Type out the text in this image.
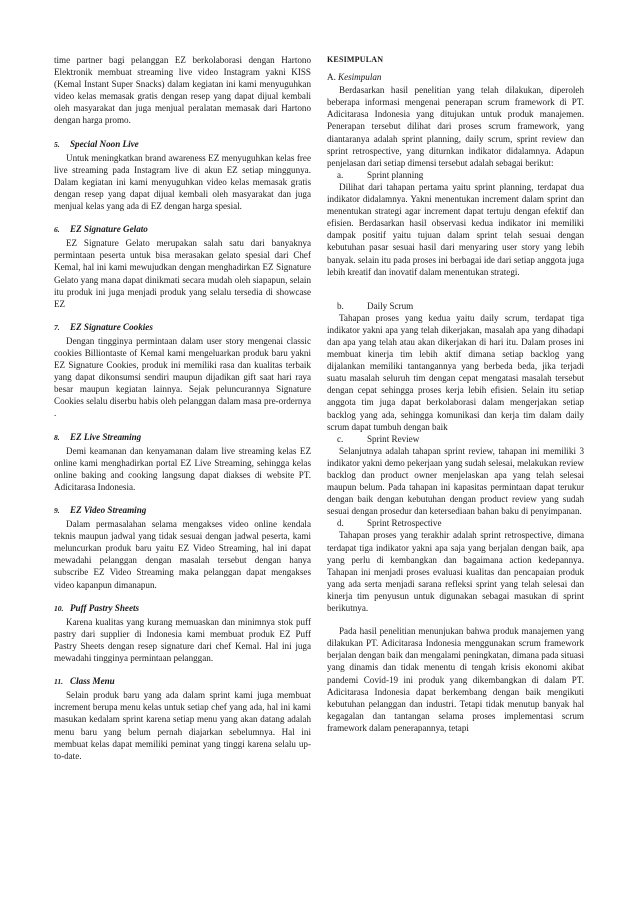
time partner bagi pelanggan EZ berkolaborasi dengan Hartono Elektronik membuat streaming live video Instagram yakni KISS (Kemal Instant Super Snacks) dalam kegiatan ini kami menyuguhkan video kelas memasak gratis dengan resep yang dapat dijual kembali oleh masyarakat dan juga menjual peralatan memasak dari Hartono dengan harga promo.

5. Special Noon Live

Untuk meningkatkan brand awareness EZ menyuguhkan kelas free live streaming pada Instagram live di akun EZ setiap minggunya. Dalam kegiatan ini kami menyuguhkan video kelas memasak gratis dengan resep yang dapat dijual kembali oleh masyarakat dan juga menjual kelas yang ada di EZ dengan harga spesial.

6. EZ Signature Gelato

EZ Signature Gelato merupakan salah satu dari banyaknya permintaan peserta untuk bisa merasakan gelato spesial dari Chef Kemal, hal ini kami mewujudkan dengan menghadirkan EZ Signature Gelato yang mana dapat dinikmati secara mudah oleh siapapun, selain itu produk ini juga menjadi produk yang selalu tersedia di showcase EZ

7. EZ Signature Cookies

Dengan tingginya permintaan dalam user story mengenai classic cookies Billiontaste of Kemal kami mengeluarkan produk baru yakni EZ Signature Cookies, produk ini memiliki rasa dan kualitas terbaik yang dapat dikonsumsi sendiri maupun dijadikan gift saat hari raya besar maupun kegiatan lainnya. Sejak peluncurannya Signature Cookies selalu diserbu habis oleh pelanggan dalam masa pre-ordernya .

8. EZ Live Streaming

Demi keamanan dan kenyamanan dalam live streaming kelas EZ online kami menghadirkan portal EZ Live Streaming, sehingga kelas online baking and cooking langsung dapat diakses di website PT. Adicitarasa Indonesia.

9. EZ Video Streaming

Dalam permasalahan selama mengakses video online kendala teknis maupun jadwal yang tidak sesuai dengan jadwal peserta, kami meluncurkan produk baru yaitu EZ Video Streaming, hal ini dapat mewadahi pelanggan dengan masalah tersebut dengan hanya subscribe EZ Video Streaming maka pelanggan dapat mengakses video kapanpun dimanapun.

10. Puff Pastry Sheets

Karena kualitas yang kurang memuaskan dan minimnya stok puff pastry dari supplier di Indonesia kami membuat produk EZ Puff Pastry Sheets dengan resep signature dari chef Kemal. Hal ini juga mewadahi tingginya permintaan pelanggan.

11. Class Menu

Selain produk baru yang ada dalam sprint kami juga membuat increment berupa menu kelas untuk setiap chef yang ada, hal ini kami masukan kedalam sprint karena setiap menu yang akan datang adalah menu baru yang belum pernah diajarkan sebelumnya. Hal ini membuat kelas dapat memiliki peminat yang tinggi karena selalu up-to-date.

KESIMPULAN
A. Kesimpulan

Berdasarkan hasil penelitian yang telah dilakukan, diperoleh beberapa informasi mengenai penerapan scrum framework di PT. Adicitarasa Indonesia yang ditujukan untuk produk manajemen. Penerapan tersebut dilihat dari proses scrum framework, yang diantaranya adalah sprint planning, daily scrum, sprint review dan sprint retrospective, yang diturnkan indikator didalamnya. Adapun penjelasan dari setiap dimensi tersebut adalah sebagai berikut:

a.	Sprint planning

Dilihat dari tahapan pertama yaitu sprint planning, terdapat dua indikator didalamnya. Yakni menentukan increment dalam sprint dan menentukan strategi agar increment dapat tertuju dengan efektif dan efisien. Berdasarkan hasil observasi kedua indikator ini memiliki dampak positif yaitu tujuan dalam sprint telah sesuai dengan kebutuhan pasar sesuai hasil dari menyaring user story yang lebih banyak. selain itu pada proses ini berbagai ide dari setiap anggota juga lebih kreatif dan inovatif dalam menentukan strategi.

b.	Daily Scrum

Tahapan proses yang kedua yaitu daily scrum, terdapat tiga indikator yakni apa yang telah dikerjakan, masalah apa yang dihadapi dan apa yang telah atau akan dikerjakan di hari itu. Dalam proses ini membuat kinerja tim lebih aktif dimana setiap backlog yang dijalankan memiliki tantangannya yang berbeda beda, jika terjadi suatu masalah seluruh tim dengan cepat mengatasi masalah tersebut dengan cepat sehingga proses kerja lebih efisien. Selain itu setiap anggota tim juga dapat berkolaborasi dalam mengerjakan setiap backlog yang ada, sehingga komunikasi dan kerja tim dalam daily scrum dapat tumbuh dengan baik

c.	Sprint Review

Selanjutnya adalah tahapan sprint review, tahapan ini memiliki 3 indikator yakni demo pekerjaan yang sudah selesai, melakukan review backlog dan product owner menjelaskan apa yang telah selesai maupun belum. Pada tahapan ini kapasitas permintaan dapat terukur dengan baik dengan kebutuhan dengan product review yang sudah sesuai dengan prosedur dan ketersediaan bahan baku di penyimpanan.

d.	Sprint Retrospective

Tahapan proses yang terakhir adalah sprint retrospective, dimana terdapat tiga indikator yakni apa saja yang berjalan dengan baik, apa yang perlu di kembangkan dan bagaimana action kedepannya. Tahapan ini menjadi proses evaluasi kualitas dan pencapaian produk yang ada serta menjadi sarana refleksi sprint yang telah selesai dan kinerja tim penyusun untuk digunakan sebagai masukan di sprint berikutnya.

Pada hasil penelitian menunjukan bahwa produk manajemen yang dilakukan PT. Adicitarasa Indonesia menggunakan scrum framework berjalan dengan baik dan mengalami peningkatan, dimana pada situasi yang dinamis dan tidak menentu di tengah krisis ekonomi akibat pandemi Covid-19 ini produk yang dikembangkan di dalam PT. Adicitarasa Indonesia dapat berkembang dengan baik mengikuti kebutuhan pelanggan dan industri. Tetapi tidak menutup banyak hal kegagalan dan tantangan selama proses implementasi scrum framework dalam penerapannya, tetapi
